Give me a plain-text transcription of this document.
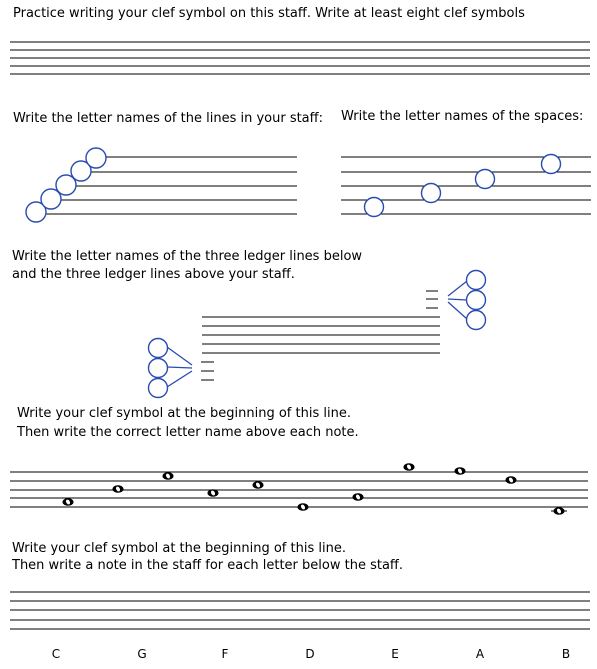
Practice writing your clef symbol on this staff. Write at least eight clef symbols
Write the letter names of the lines in your staff: Write the letter names of the spaces:
Write the letter names of the three ledger lines below
and the three ledger lines above your staff.
Write your clef symbol at the beginning of this line.
Then write the correct letter name above each note.
Write your clef symbol at the beginning of this line.
Then write a note in the staff for each letter below the staff.
C	G	F	D	E	A	B
